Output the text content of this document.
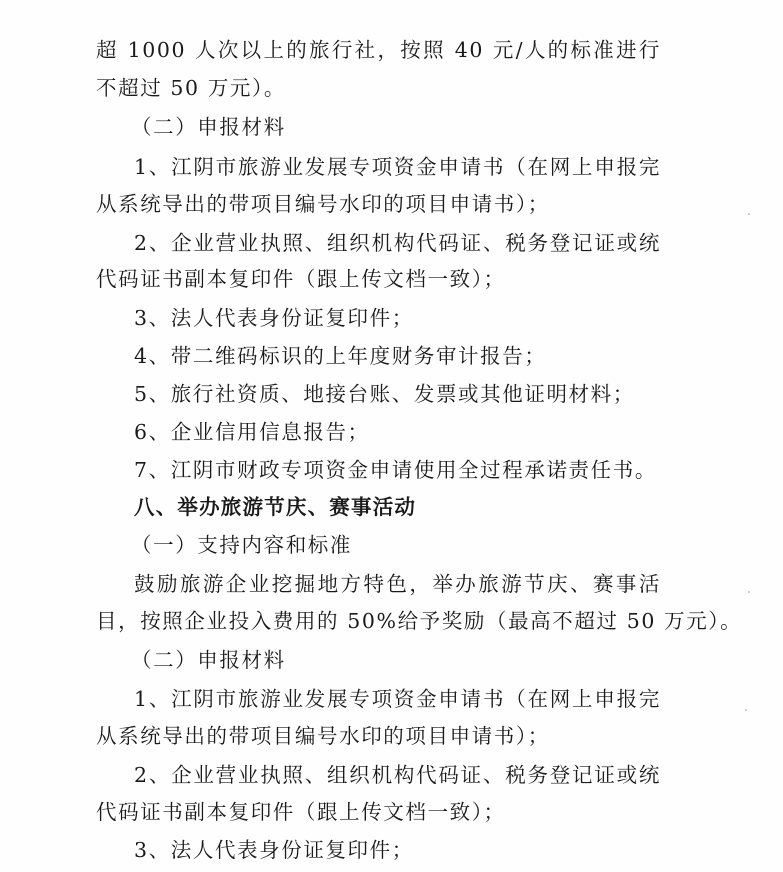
超 1000 人次以上的旅行社，按照 40 元/人的标准进行
不超过 50 万元）。
（二）申报材料
1、江阴市旅游业发展专项资金申请书（在网上申报完
从系统导出的带项目编号水印的项目申请书）；
2、企业营业执照、组织机构代码证、税务登记证或统
代码证书副本复印件（跟上传文档一致）；
3、法人代表身份证复印件；
4、带二维码标识的上年度财务审计报告；
5、旅行社资质、地接台账、发票或其他证明材料；
6、企业信用信息报告；
7、江阴市财政专项资金申请使用全过程承诺责任书。
八、举办旅游节庆、赛事活动
（一）支持内容和标准
鼓励旅游企业挖掘地方特色，举办旅游节庆、赛事活
目，按照企业投入费用的 50%给予奖励（最高不超过 50 万元）。
（二）申报材料
1、江阴市旅游业发展专项资金申请书（在网上申报完
从系统导出的带项目编号水印的项目申请书）；
2、企业营业执照、组织机构代码证、税务登记证或统
代码证书副本复印件（跟上传文档一致）；
3、法人代表身份证复印件；
